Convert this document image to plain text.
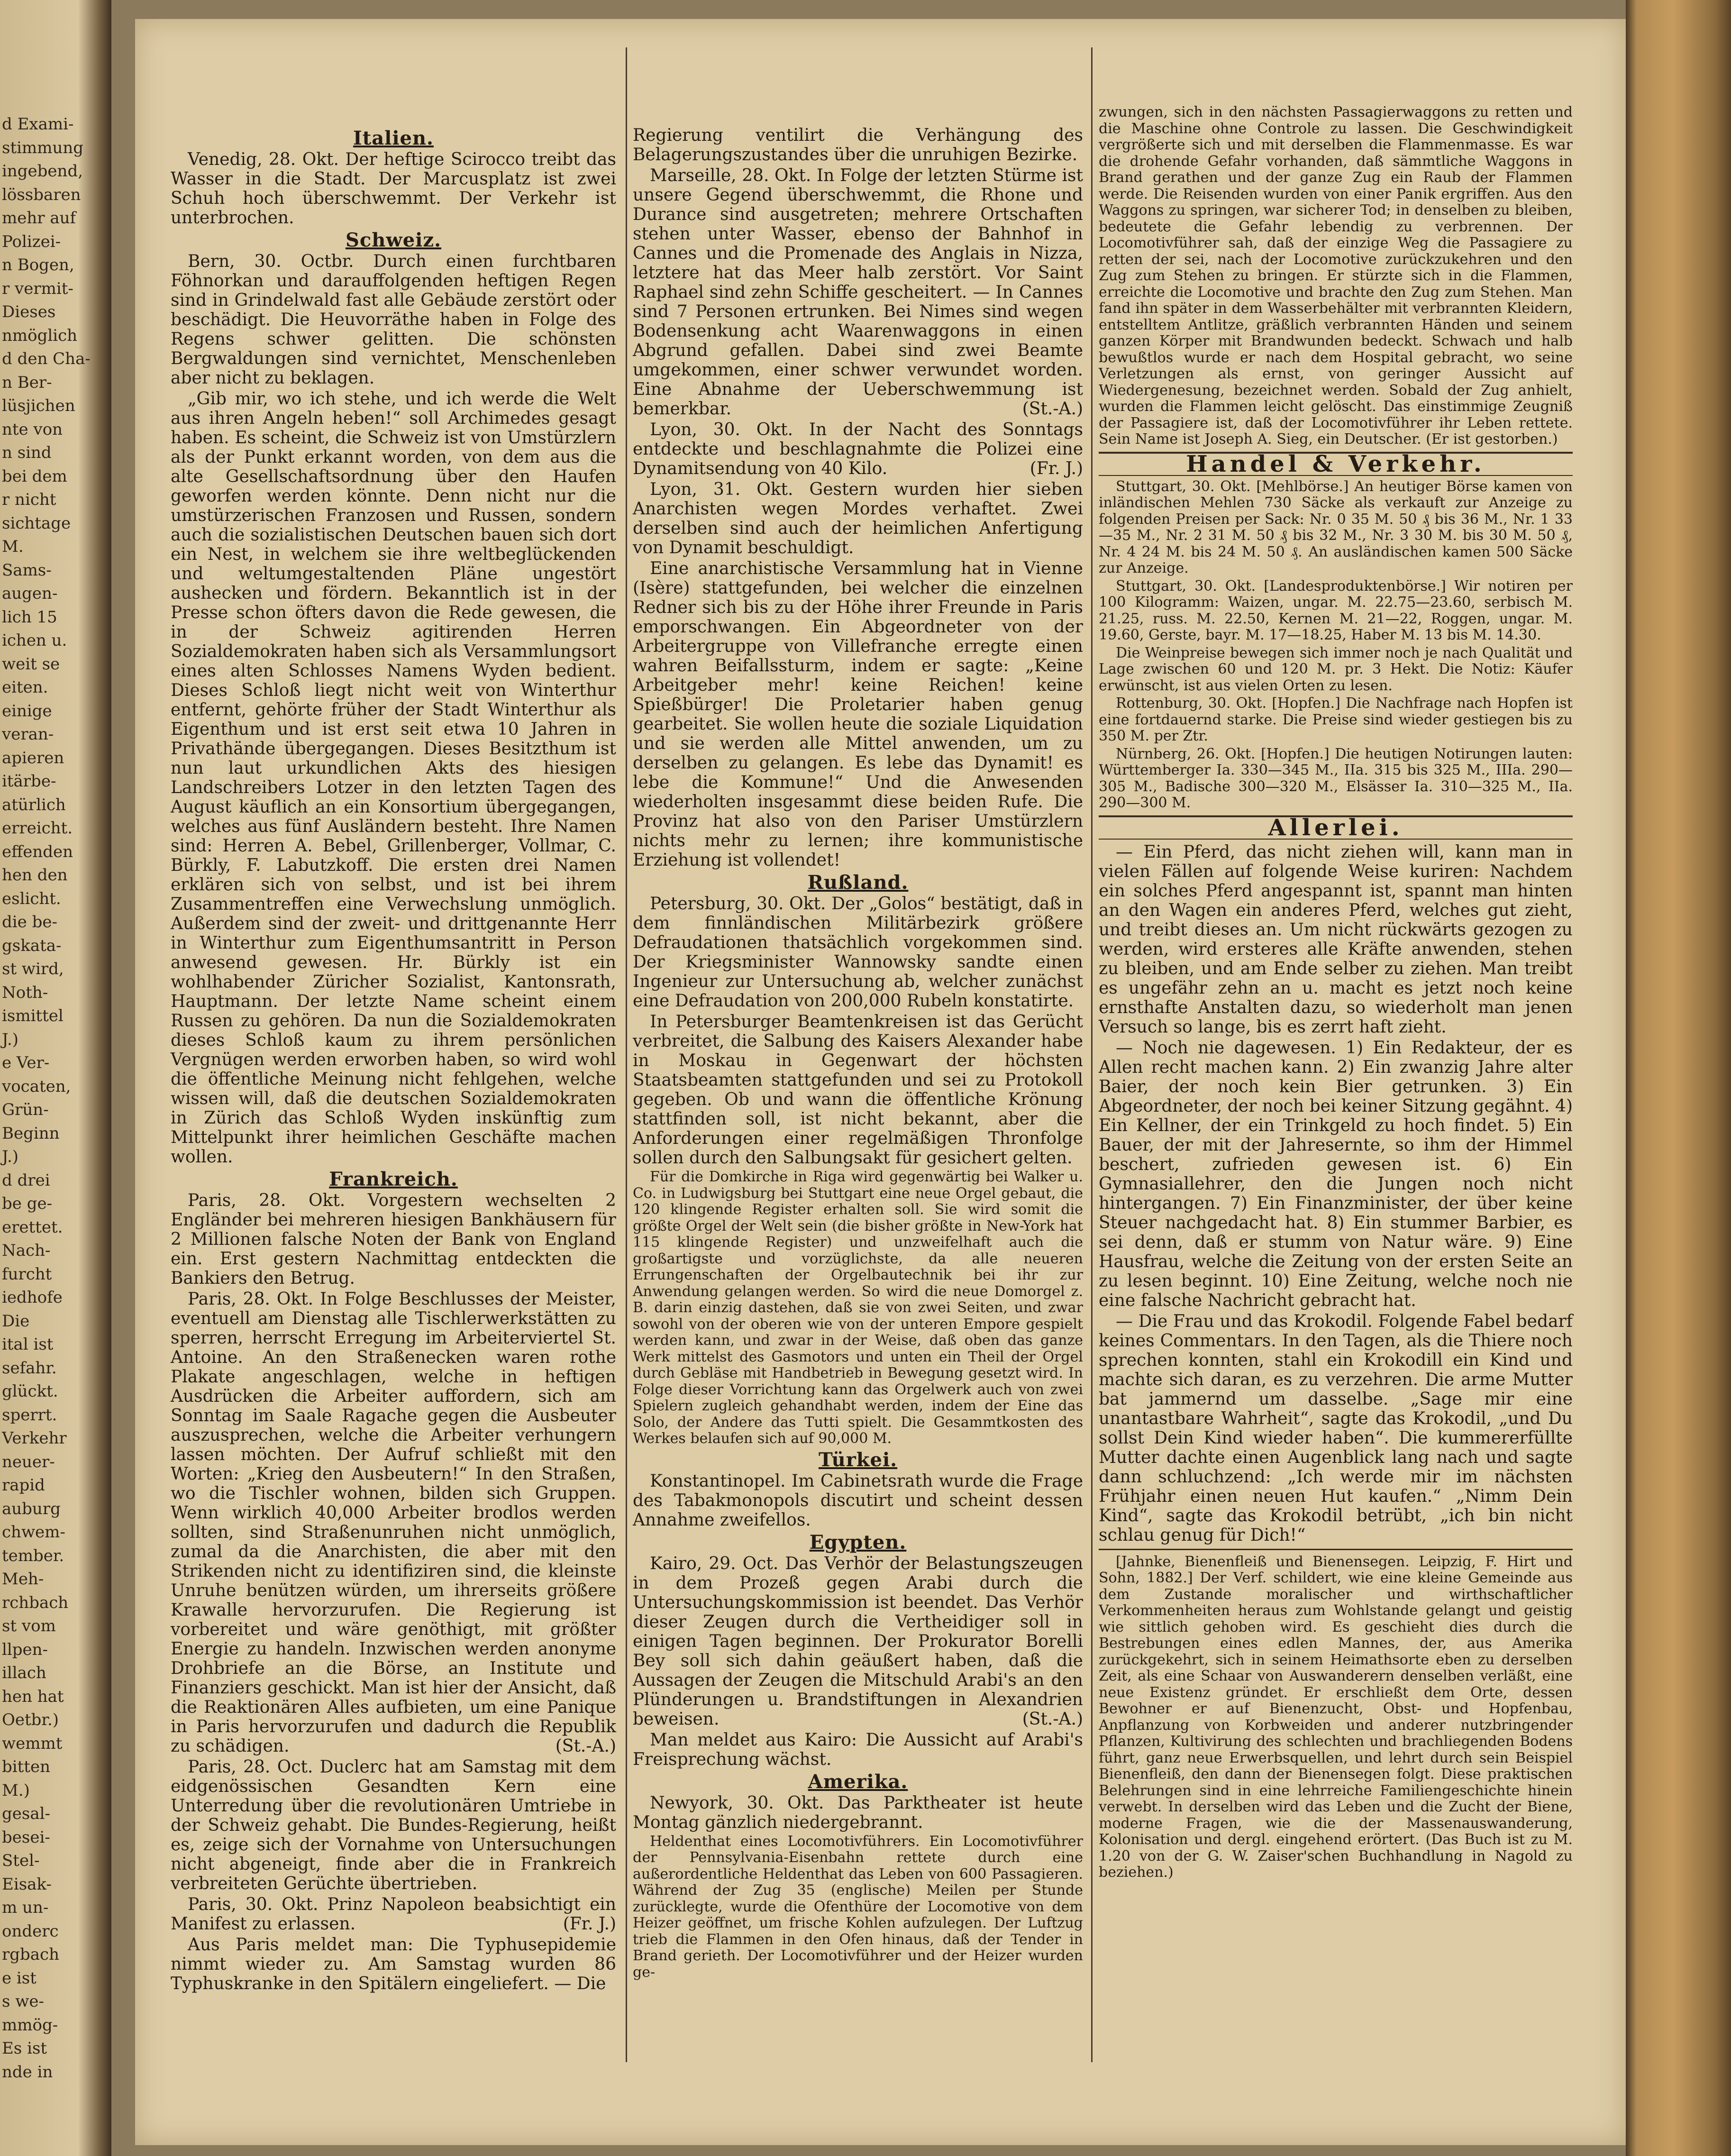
d Exami-
stimmung
ingebend,
lössbaren
mehr auf
Polizei-
n Bogen,
r vermit-
Dieses
nmöglich
d den Cha-
n Ber-
lüsjichen
nte von
n sind
bei dem
r nicht
sichtage
M.
Sams-
augen-
lich 15
ichen u.
weit se
eiten.
einige
veran-
apieren
itärbe-
atürlich
erreicht.
effenden
hen den
eslicht.
die be-
gskata-
st wird,
Noth-
ismittel
J.)
e Ver-
vocaten,
Grün-
Beginn
J.)
d drei
be ge-
erettet.
Nach-
furcht
iedhofe
Die
ital ist
sefahr.
glückt.
sperrt.
Verkehr
neuer-
rapid
auburg
chwem-
tember.
Meh-
rchbach
st vom
llpen-
illach
hen hat
Oetbr.)
wemmt
bitten
M.)
gesal-
besei-
Stel-
Eisak-
m un-
onderc
rgbach
e ist
s we-
mmög-
Es ist
nde in
Italien.

Venedig, 28. Okt. Der heftige Scirocco treibt das Wasser in die Stadt. Der Marcusplatz ist zwei Schuh hoch überschwemmt. Der Verkehr ist unterbrochen.

Schweiz.

Bern, 30. Octbr. Durch einen furchtbaren Föhnorkan und darauffolgenden heftigen Regen sind in Grindelwald fast alle Gebäude zerstört oder beschädigt. Die Heuvorräthe haben in Folge des Regens schwer gelitten. Die schönsten Bergwaldungen sind vernichtet, Menschenleben aber nicht zu beklagen.

„Gib mir, wo ich stehe, und ich werde die Welt aus ihren Angeln heben!“ soll Archimedes gesagt haben. Es scheint, die Schweiz ist von Umstürzlern als der Punkt erkannt worden, von dem aus die alte Gesellschaftsordnung über den Haufen geworfen werden könnte. Denn nicht nur die umstürzerischen Franzosen und Russen, sondern auch die sozialistischen Deutschen bauen sich dort ein Nest, in welchem sie ihre weltbeglückenden und weltumgestaltenden Pläne ungestört aushecken und fördern. Bekanntlich ist in der Presse schon öfters davon die Rede gewesen, die in der Schweiz agitirenden Herren Sozialdemokraten haben sich als Versammlungsort eines alten Schlosses Namens Wyden bedient. Dieses Schloß liegt nicht weit von Winterthur entfernt, gehörte früher der Stadt Winterthur als Eigenthum und ist erst seit etwa 10 Jahren in Privathände übergegangen. Dieses Besitzthum ist nun laut urkundlichen Akts des hiesigen Landschreibers Lotzer in den letzten Tagen des August käuflich an ein Konsortium übergegangen, welches aus fünf Ausländern besteht. Ihre Namen sind: Herren A. Bebel, Grillenberger, Vollmar, C. Bürkly, F. Labutzkoff. Die ersten drei Namen erklären sich von selbst, und ist bei ihrem Zusammentreffen eine Verwechslung unmöglich. Außerdem sind der zweit- und drittgenannte Herr in Winterthur zum Eigenthumsantritt in Person anwesend gewesen. Hr. Bürkly ist ein wohlhabender Züricher Sozialist, Kantonsrath, Hauptmann. Der letzte Name scheint einem Russen zu gehören. Da nun die Sozialdemokraten dieses Schloß kaum zu ihrem persönlichen Vergnügen werden erworben haben, so wird wohl die öffentliche Meinung nicht fehlgehen, welche wissen will, daß die deutschen Sozialdemokraten in Zürich das Schloß Wyden inskünftig zum Mittelpunkt ihrer heimlichen Geschäfte machen wollen.

Frankreich.

Paris, 28. Okt. Vorgestern wechselten 2 Engländer bei mehreren hiesigen Bankhäusern für 2 Millionen falsche Noten der Bank von England ein. Erst gestern Nachmittag entdeckten die Bankiers den Betrug.

Paris, 28. Okt. In Folge Beschlusses der Meister, eventuell am Dienstag alle Tischlerwerkstätten zu sperren, herrscht Erregung im Arbeiterviertel St. Antoine. An den Straßenecken waren rothe Plakate angeschlagen, welche in heftigen Ausdrücken die Arbeiter auffordern, sich am Sonntag im Saale Ragache gegen die Ausbeuter auszusprechen, welche die Arbeiter verhungern lassen möchten. Der Aufruf schließt mit den Worten: „Krieg den Ausbeutern!“ In den Straßen, wo die Tischler wohnen, bilden sich Gruppen. Wenn wirklich 40,000 Arbeiter brodlos werden sollten, sind Straßenunruhen nicht unmöglich, zumal da die Anarchisten, die aber mit den Strikenden nicht zu identifiziren sind, die kleinste Unruhe benützen würden, um ihrerseits größere Krawalle hervorzurufen. Die Regierung ist vorbereitet und wäre genöthigt, mit größter Energie zu handeln. Inzwischen werden anonyme Drohbriefe an die Börse, an Institute und Finanziers geschickt. Man ist hier der Ansicht, daß die Reaktionären Alles aufbieten, um eine Panique in Paris hervorzurufen und dadurch die Republik zu schädigen.	(St.-A.)

Paris, 28. Oct. Duclerc hat am Samstag mit dem eidgenössischen Gesandten Kern eine Unterredung über die revolutionären Umtriebe in der Schweiz gehabt. Die Bundes-Regierung, heißt es, zeige sich der Vornahme von Untersuchungen nicht abgeneigt, finde aber die in Frankreich verbreiteten Gerüchte übertrieben.

Paris, 30. Okt. Prinz Napoleon beabsichtigt ein Manifest zu erlassen.	(Fr. J.)

Aus Paris meldet man: Die Typhusepidemie nimmt wieder zu. Am Samstag wurden 86 Typhuskranke in den Spitälern eingeliefert. — Die

Regierung ventilirt die Verhängung des Belagerungszustandes über die unruhigen Bezirke.

Marseille, 28. Okt. In Folge der letzten Stürme ist unsere Gegend überschwemmt, die Rhone und Durance sind ausgetreten; mehrere Ortschaften stehen unter Wasser, ebenso der Bahnhof in Cannes und die Promenade des Anglais in Nizza, letztere hat das Meer halb zerstört. Vor Saint Raphael sind zehn Schiffe gescheitert. — In Cannes sind 7 Personen ertrunken. Bei Nimes sind wegen Bodensenkung acht Waarenwaggons in einen Abgrund gefallen. Dabei sind zwei Beamte umgekommen, einer schwer verwundet worden. Eine Abnahme der Ueberschwemmung ist bemerkbar.	(St.-A.)

Lyon, 30. Okt. In der Nacht des Sonntags entdeckte und beschlagnahmte die Polizei eine Dynamitsendung von 40 Kilo.	(Fr. J.)

Lyon, 31. Okt. Gestern wurden hier sieben Anarchisten wegen Mordes verhaftet. Zwei derselben sind auch der heimlichen Anfertigung von Dynamit beschuldigt.

Eine anarchistische Versammlung hat in Vienne (Isère) stattgefunden, bei welcher die einzelnen Redner sich bis zu der Höhe ihrer Freunde in Paris emporschwangen. Ein Abgeordneter von der Arbeitergruppe von Villefranche erregte einen wahren Beifallssturm, indem er sagte: „Keine Arbeitgeber mehr! keine Reichen! keine Spießbürger! Die Proletarier haben genug gearbeitet. Sie wollen heute die soziale Liquidation und sie werden alle Mittel anwenden, um zu derselben zu gelangen. Es lebe das Dynamit! es lebe die Kommune!“ Und die Anwesenden wiederholten insgesammt diese beiden Rufe. Die Provinz hat also von den Pariser Umstürzlern nichts mehr zu lernen; ihre kommunistische Erziehung ist vollendet!

Rußland.

Petersburg, 30. Okt. Der „Golos“ bestätigt, daß in dem finnländischen Militärbezirk größere Defraudationen thatsächlich vorgekommen sind. Der Kriegsminister Wannowsky sandte einen Ingenieur zur Untersuchung ab, welcher zunächst eine Defraudation von 200,000 Rubeln konstatirte.

In Petersburger Beamtenkreisen ist das Gerücht verbreitet, die Salbung des Kaisers Alexander habe in Moskau in Gegenwart der höchsten Staatsbeamten stattgefunden und sei zu Protokoll gegeben. Ob und wann die öffentliche Krönung stattfinden soll, ist nicht bekannt, aber die Anforderungen einer regelmäßigen Thronfolge sollen durch den Salbungsakt für gesichert gelten.

Für die Domkirche in Riga wird gegenwärtig bei Walker u. Co. in Ludwigsburg bei Stuttgart eine neue Orgel gebaut, die 120 klingende Register erhalten soll. Sie wird somit die größte Orgel der Welt sein (die bisher größte in New-York hat 115 klingende Register) und unzweifelhaft auch die großartigste und vorzüglichste, da alle neueren Errungenschaften der Orgelbautechnik bei ihr zur Anwendung gelangen werden. So wird die neue Domorgel z. B. darin einzig dastehen, daß sie von zwei Seiten, und zwar sowohl von der oberen wie von der unteren Empore gespielt werden kann, und zwar in der Weise, daß oben das ganze Werk mittelst des Gasmotors und unten ein Theil der Orgel durch Gebläse mit Handbetrieb in Bewegung gesetzt wird. In Folge dieser Vorrichtung kann das Orgelwerk auch von zwei Spielern zugleich gehandhabt werden, indem der Eine das Solo, der Andere das Tutti spielt. Die Gesammtkosten des Werkes belaufen sich auf 90,000 M.

Türkei.

Konstantinopel. Im Cabinetsrath wurde die Frage des Tabakmonopols discutirt und scheint dessen Annahme zweifellos.

Egypten.

Kairo, 29. Oct. Das Verhör der Belastungszeugen in dem Prozeß gegen Arabi durch die Untersuchungskommission ist beendet. Das Verhör dieser Zeugen durch die Vertheidiger soll in einigen Tagen beginnen. Der Prokurator Borelli Bey soll sich dahin geäußert haben, daß die Aussagen der Zeugen die Mitschuld Arabi's an den Plünderungen u. Brandstiftungen in Alexandrien beweisen.	(St.-A.)

Man meldet aus Kairo: Die Aussicht auf Arabi's Freisprechung wächst.

Amerika.

Newyork, 30. Okt. Das Parktheater ist heute Montag gänzlich niedergebrannt.

Heldenthat eines Locomotivführers. Ein Locomotivführer der Pennsylvania-Eisenbahn rettete durch eine außerordentliche Heldenthat das Leben von 600 Passagieren. Während der Zug 35 (englische) Meilen per Stunde zurücklegte, wurde die Ofenthüre der Locomotive von dem Heizer geöffnet, um frische Kohlen aufzulegen. Der Luftzug trieb die Flammen in den Ofen hinaus, daß der Tender in Brand gerieth. Der Locomotivführer und der Heizer wurden ge-

zwungen, sich in den nächsten Passagierwaggons zu retten und die Maschine ohne Controle zu lassen. Die Geschwindigkeit vergrößerte sich und mit derselben die Flammenmasse. Es war die drohende Gefahr vorhanden, daß sämmtliche Waggons in Brand gerathen und der ganze Zug ein Raub der Flammen werde. Die Reisenden wurden von einer Panik ergriffen. Aus den Waggons zu springen, war sicherer Tod; in denselben zu bleiben, bedeutete die Gefahr lebendig zu verbrennen. Der Locomotivführer sah, daß der einzige Weg die Passagiere zu retten der sei, nach der Locomotive zurückzukehren und den Zug zum Stehen zu bringen. Er stürzte sich in die Flammen, erreichte die Locomotive und brachte den Zug zum Stehen. Man fand ihn später in dem Wasserbehälter mit verbrannten Kleidern, entstelltem Antlitze, gräßlich verbrannten Händen und seinem ganzen Körper mit Brandwunden bedeckt. Schwach und halb bewußtlos wurde er nach dem Hospital gebracht, wo seine Verletzungen als ernst, von geringer Aussicht auf Wiedergenesung, bezeichnet werden. Sobald der Zug anhielt, wurden die Flammen leicht gelöscht. Das einstimmige Zeugniß der Passagiere ist, daß der Locomotivführer ihr Leben rettete. Sein Name ist Joseph A. Sieg, ein Deutscher. (Er ist gestorben.)

Handel & Verkehr.

Stuttgart, 30. Okt. [Mehlbörse.] An heutiger Börse kamen von inländischen Mehlen 730 Säcke als verkauft zur Anzeige zu folgenden Preisen per Sack: Nr. 0 35 M. 50 ₰ bis 36 M., Nr. 1 33—35 M., Nr. 2 31 M. 50 ₰ bis 32 M., Nr. 3 30 M. bis 30 M. 50 ₰, Nr. 4 24 M. bis 24 M. 50 ₰. An ausländischen kamen 500 Säcke zur Anzeige.

Stuttgart, 30. Okt. [Landesproduktenbörse.] Wir notiren per 100 Kilogramm: Waizen, ungar. M. 22.75—23.60, serbisch M. 21.25, russ. M. 22.50, Kernen M. 21—22, Roggen, ungar. M. 19.60, Gerste, bayr. M. 17—18.25, Haber M. 13 bis M. 14.30.

Die Weinpreise bewegen sich immer noch je nach Qualität und Lage zwischen 60 und 120 M. pr. 3 Hekt. Die Notiz: Käufer erwünscht, ist aus vielen Orten zu lesen.

Rottenburg, 30. Okt. [Hopfen.] Die Nachfrage nach Hopfen ist eine fortdauernd starke. Die Preise sind wieder gestiegen bis zu 350 M. per Ztr.

Nürnberg, 26. Okt. [Hopfen.] Die heutigen Notirungen lauten: Württemberger Ia. 330—345 M., IIa. 315 bis 325 M., IIIa. 290—305 M., Badische 300—320 M., Elsässer Ia. 310—325 M., IIa. 290—300 M.

Allerlei.

— Ein Pferd, das nicht ziehen will, kann man in vielen Fällen auf folgende Weise kuriren: Nachdem ein solches Pferd angespannt ist, spannt man hinten an den Wagen ein anderes Pferd, welches gut zieht, und treibt dieses an. Um nicht rückwärts gezogen zu werden, wird ersteres alle Kräfte anwenden, stehen zu bleiben, und am Ende selber zu ziehen. Man treibt es ungefähr zehn an u. macht es jetzt noch keine ernsthafte Anstalten dazu, so wiederholt man jenen Versuch so lange, bis es zerrt haft zieht.

— Noch nie dagewesen. 1) Ein Redakteur, der es Allen recht machen kann. 2) Ein zwanzig Jahre alter Baier, der noch kein Bier getrunken. 3) Ein Abgeordneter, der noch bei keiner Sitzung gegähnt. 4) Ein Kellner, der ein Trinkgeld zu hoch findet. 5) Ein Bauer, der mit der Jahresernte, so ihm der Himmel beschert, zufrieden gewesen ist. 6) Ein Gymnasiallehrer, den die Jungen noch nicht hintergangen. 7) Ein Finanzminister, der über keine Steuer nachgedacht hat. 8) Ein stummer Barbier, es sei denn, daß er stumm von Natur wäre. 9) Eine Hausfrau, welche die Zeitung von der ersten Seite an zu lesen beginnt. 10) Eine Zeitung, welche noch nie eine falsche Nachricht gebracht hat.

— Die Frau und das Krokodil. Folgende Fabel bedarf keines Commentars. In den Tagen, als die Thiere noch sprechen konnten, stahl ein Krokodill ein Kind und machte sich daran, es zu verzehren. Die arme Mutter bat jammernd um dasselbe. „Sage mir eine unantastbare Wahrheit“, sagte das Krokodil, „und Du sollst Dein Kind wieder haben“. Die kummererfüllte Mutter dachte einen Augenblick lang nach und sagte dann schluchzend: „Ich werde mir im nächsten Frühjahr einen neuen Hut kaufen.“ „Nimm Dein Kind“, sagte das Krokodil betrübt, „ich bin nicht schlau genug für Dich!“

[Jahnke, Bienenfleiß und Bienensegen. Leipzig, F. Hirt und Sohn, 1882.] Der Verf. schildert, wie eine kleine Gemeinde aus dem Zustande moralischer und wirthschaftlicher Verkommenheiten heraus zum Wohlstande gelangt und geistig wie sittlich gehoben wird. Es geschieht dies durch die Bestrebungen eines edlen Mannes, der, aus Amerika zurückgekehrt, sich in seinem Heimathsorte eben zu derselben Zeit, als eine Schaar von Auswanderern denselben verläßt, eine neue Existenz gründet. Er erschließt dem Orte, dessen Bewohner er auf Bienenzucht, Obst- und Hopfenbau, Anpflanzung von Korbweiden und anderer nutzbringender Pflanzen, Kultivirung des schlechten und brachliegenden Bodens führt, ganz neue Erwerbsquellen, und lehrt durch sein Beispiel Bienenfleiß, den dann der Bienensegen folgt. Diese praktischen Belehrungen sind in eine lehrreiche Familiengeschichte hinein verwebt. In derselben wird das Leben und die Zucht der Biene, moderne Fragen, wie die der Massenauswanderung, Kolonisation und dergl. eingehend erörtert. (Das Buch ist zu M. 1.20 von der G. W. Zaiser'schen Buchhandlung in Nagold zu beziehen.)
